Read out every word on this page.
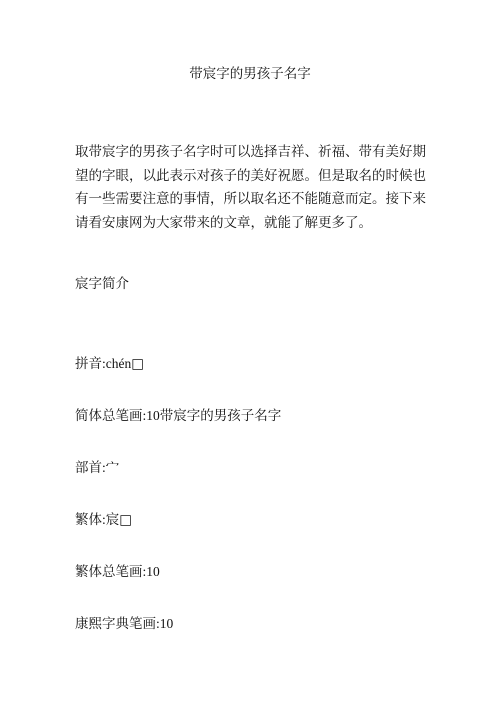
带宸字的男孩子名字

取带宸字的男孩子名字时可以选择吉祥、祈福、带有美好期望的字眼，以此表示对孩子的美好祝愿。但是取名的时候也有一些需要注意的事情，所以取名还不能随意而定。接下来请看安康网为大家带来的文章，就能了解更多了。

宸字简介
拼音:chén□
简体总笔画:10带宸字的男孩子名字
部首:宀
繁体:宸□
繁体总笔画:10
康熙字典笔画:10
